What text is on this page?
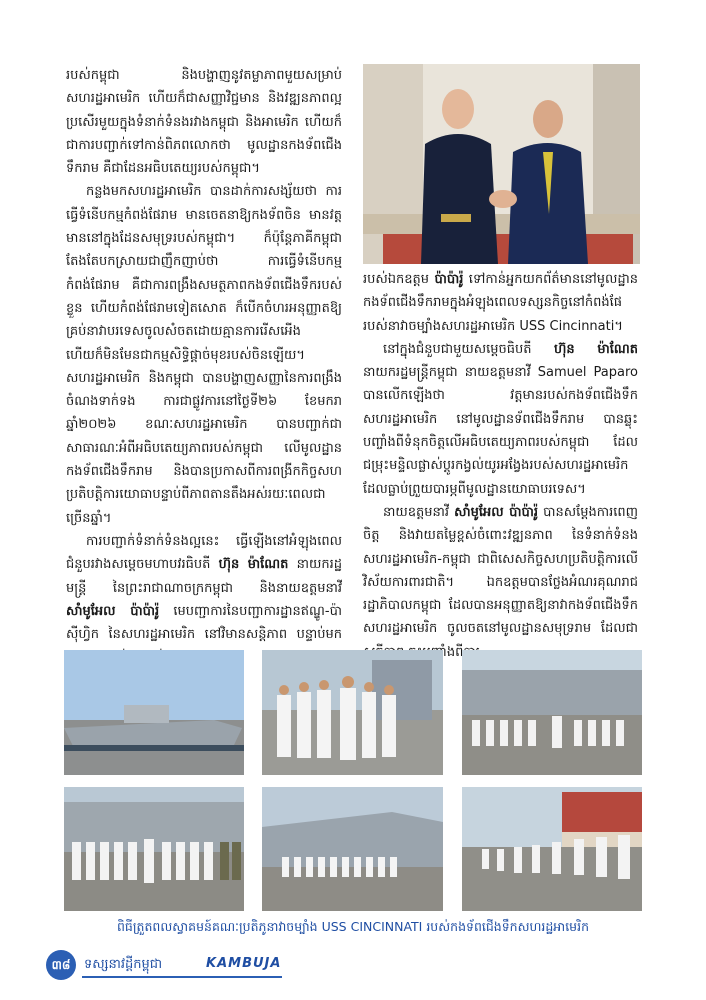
របស់កម្ពុជា និងបង្ហាញនូវតម្លាភាពមួយសម្រាប់សហរដ្ឋអាមេរិក ហើយក៏ជាសញ្ញាវិជ្ជមាន និងវឌ្ឍនភាពល្អប្រសើរមួយក្នុងទំនាក់ទំនងរវាងកម្ពុជា និងអាមេរិក ហើយក៏ជាការបញ្ជាក់ទៅកាន់ពិភពលោកថា មូលដ្ឋានកងទ័ពជើងទឹករាម គឺជាដែនអធិបតេយ្យរបស់កម្ពុជា។

កន្លងមកសហរដ្ឋអាមេរិក បានដាក់ការសង្ស័យថា ការធ្វើទំនើបកម្មកំពង់ផែរាម មានចេតនាឱ្យកងទ័ពចិន មានវត្តមាននៅក្នុងដែនសមុទ្ររបស់កម្ពុជា។ ក៏ប៉ុន្តែភាគីកម្ពុជាតែងតែបកស្រាយជាញឹកញាប់ថា ការធ្វើទំនើបកម្មកំពង់ផែរាម គឺជាការពង្រឹងសមត្ថភាពកងទ័ពជើងទឹករបស់ខ្លួន ហើយកំពង់ផែរាមទៀតសោត ក៏បើកចំហរអនុញ្ញាតឱ្យគ្រប់នាវាបរទេសចូលសំចតដោយគ្មានការរើសអើង ហើយក៏មិនមែនជាកម្មសិទ្ធិផ្តាច់មុខរបស់ចិនឡើយ។ សហរដ្ឋអាមេរិក និងកម្ពុជា បានបង្ហាញសញ្ញានៃការពង្រឹងចំណងទាក់ទង ការជាផ្លូវការនៅថ្ងៃទី២៦ ខែមករា ឆ្នាំ២០២៦ ខណៈសហរដ្ឋអាមេរិក បានបញ្ជាក់ជាសាធារណៈអំពីអធិបតេយ្យភាពរបស់កម្ពុជា លើមូលដ្ឋានកងទ័ពជើងទឹករាម និងបានប្រកាសពីការពង្រីកកិច្ចសហប្រតិបត្តិការយោធាបន្ទាប់ពីភាពតានតឹងអស់រយៈពេលជាច្រើនឆ្នាំ។

ការបញ្ជាក់ទំនាក់ទំនងល្អនេះ ធ្វើឡើងនៅអំឡុងពេលជំនួបរវាងសម្តេចមហាបវរធិបតី ហ៊ុន ម៉ាណែត នាយករដ្ឋមន្ត្រី នៃព្រះរាជាណាចក្រកម្ពុជា និងនាយឧត្តមនាវី សាំមូអែល ប៉ាប៉ារ៉ូ មេបញ្ជាការនៃបញ្ជាការដ្ឋានឥណ្ឌូ-ប៉ាស៊ីហ្វិក នៃសហរដ្ឋអាមេរិក នៅវិមានសន្តិភាព បន្ទាប់មក

របស់ឯកឧត្តម ប៉ាប៉ារ៉ូ ទៅកាន់អ្នកយកព័ត៌មាននៅមូលដ្ឋានកងទ័ពជើងទឹករាមក្នុងអំឡុងពេលទស្សនកិច្ចនៅកំពង់ផែរបស់នាវាចម្បាំងសហរដ្ឋអាមេរិក USS Cincinnati។

នៅក្នុងជំនួបជាមួយសម្តេចធិបតី ហ៊ុន ម៉ាណែត នាយករដ្ឋមន្ត្រីកម្ពុជា នាយឧត្តមនាវី Samuel Paparo បានលើកឡើងថា វត្តមានរបស់កងទ័ពជើងទឹកសហរដ្ឋអាមេរិក នៅមូលដ្ឋានទ័ពជើងទឹករាម បានឆ្លុះបញ្ចាំងពីទំនុកចិត្តលើអធិបតេយ្យភាពរបស់កម្ពុជា ដែលជម្រុះមន្ទិលផ្លាស់ប្តូរកង្វល់យូរអង្វែងរបស់សហរដ្ឋអាមេរិក ដែលធ្លាប់ព្រួយបារម្ភពីមូលដ្ឋានយោធាបរទេស។

នាយឧត្តមនាវី សាំមូអែល ប៉ាប៉ារ៉ូ បានសម្តែងការពេញចិត្ត និងវាយតម្លៃខ្ពស់ចំពោះវឌ្ឍនភាព នៃទំនាក់ទំនងសហរដ្ឋអាមេរិក-កម្ពុជា ជាពិសេសកិច្ចសហប្រតិបត្តិការលើវិស័យការពារជាតិ។ ឯកឧត្តមបានថ្លែងអំណរគុណរាជរដ្ឋាភិបាលកម្ពុជា ដែលបានអនុញ្ញាតឱ្យនាវាកងទ័ពជើងទឹកសហរដ្ឋអាមេរិក ចូលចតនៅមូលដ្ឋានសមុទ្ររាម ដែលជា ឆ្លុះបញ្ចាំងពីការ

ពិធីត្រួតពលស្វាគមន៍គណៈប្រតិភូនាវាចម្បាំង USS CINCINNATI របស់កងទ័ពជើងទឹកសហរដ្ឋអាមេរិក
៣៨	ទស្សនាវដ្តីកម្ពុជា	KAMBUJA
